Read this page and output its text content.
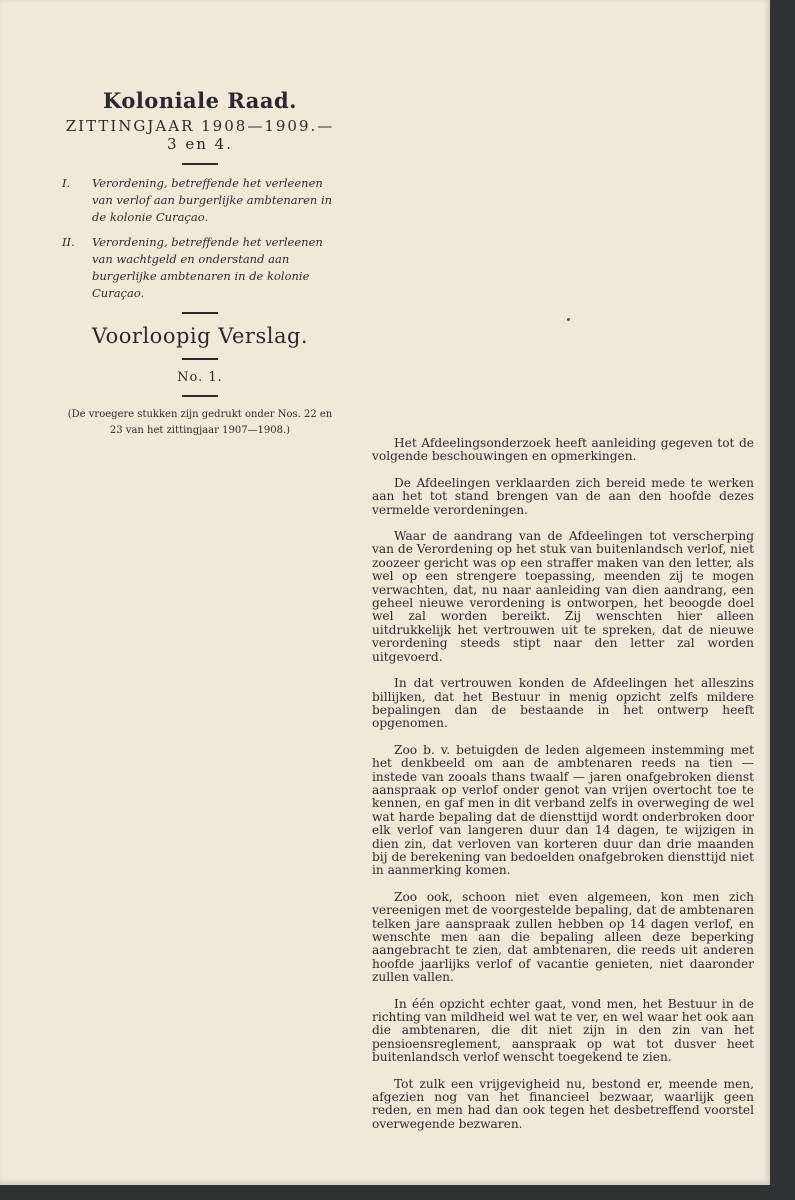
Koloniale Raad.

ZITTINGJAAR 1908—1909.—3 en 4.

I.	Verordening, betreffende het verleenen van verlof aan burgerlijke ambtenaren in de kolonie Curaçao.
II.	Verordening, betreffende het verleenen van wachtgeld en onderstand aan burgerlijke ambtenaren in de kolonie Curaçao.

Voorloopig Verslag.

No. 1.

(De vroegere stukken zijn gedrukt onder Nos. 22 en 23 van het zittingjaar 1907—1908.)

Het Afdeelingsonderzoek heeft aanleiding gegeven tot de volgende beschouwingen en opmerkingen.

De Afdeelingen verklaarden zich bereid mede te werken aan het tot stand brengen van de aan den hoofde dezes vermelde verordeningen.

Waar de aandrang van de Afdeelingen tot verscherping van de Verordening op het stuk van buitenlandsch verlof, niet zoozeer gericht was op een straffer maken van den letter, als wel op een strengere toepassing, meenden zij te mogen verwachten, dat, nu naar aanleiding van dien aandrang, een geheel nieuwe verordening is ontworpen, het beoogde doel wel zal worden bereikt. Zij wenschten hier alleen uitdrukkelijk het vertrouwen uit te spreken, dat de nieuwe verordening steeds stipt naar den letter zal worden uitgevoerd.

In dat vertrouwen konden de Afdeelingen het alleszins billijken, dat het Bestuur in menig opzicht zelfs mildere bepalingen dan de bestaande in het ontwerp heeft opgenomen.

Zoo b. v. betuigden de leden algemeen instemming met het denkbeeld om aan de ambtenaren reeds na tien — instede van zooals thans twaalf — jaren onafgebroken dienst aanspraak op verlof onder genot van vrijen overtocht toe te kennen, en gaf men in dit verband zelfs in overweging de wel wat harde bepaling dat de diensttijd wordt onderbroken door elk verlof van langeren duur dan 14 dagen, te wijzigen in dien zin, dat verloven van korteren duur dan drie maanden bij de berekening van bedoelden onafgebroken diensttijd niet in aanmerking komen.

Zoo ook, schoon niet even algemeen, kon men zich vereenigen met de voorgestelde bepaling, dat de ambtenaren telken jare aanspraak zullen hebben op 14 dagen verlof, en wenschte men aan die bepaling alleen deze beperking aangebracht te zien, dat ambtenaren, die reeds uit anderen hoofde jaarlijks verlof of vacantie genieten, niet daaronder zullen vallen.

In één opzicht echter gaat, vond men, het Bestuur in de richting van mildheid wel wat te ver, en wel waar het ook aan die ambtenaren, die dit niet zijn in den zin van het pensioensreglement, aanspraak op wat tot dusver heet buitenlandsch verlof wenscht toegekend te zien.

Tot zulk een vrijgevigheid nu, bestond er, meende men, afgezien nog van het financieel bezwaar, waarlijk geen reden, en men had dan ook tegen het desbetreffend voorstel overwegende bezwaren.
